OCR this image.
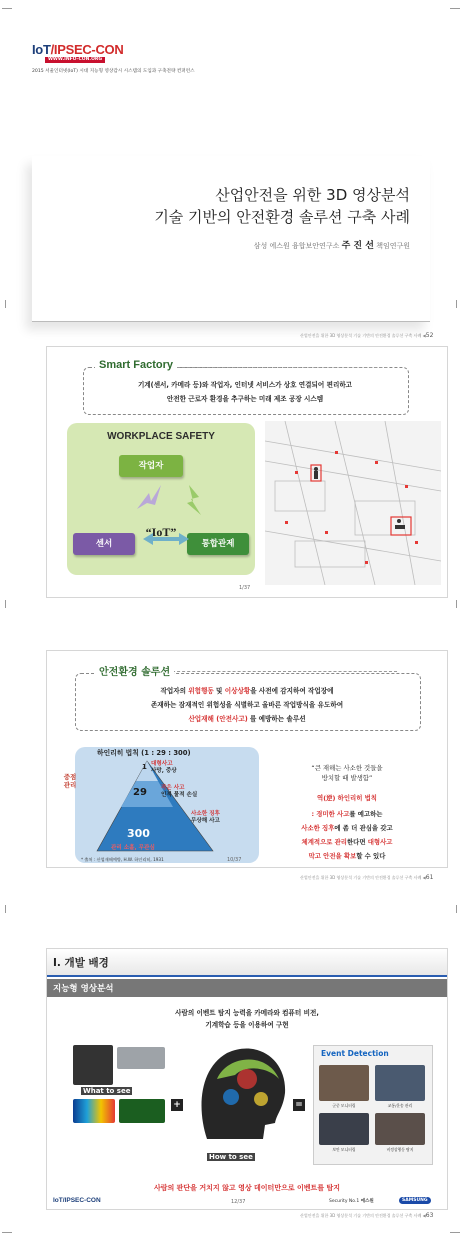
IoT/IPSEC-CON
WWW.INFO-CON.ORG
2015 서울인터넷(IoT) 시대 지능형 영상감시 시스템의 도입과 구축전략 컨퍼런스
산업안전을 위한 3D 영상분석
기술 기반의 안전환경 솔루션 구축 사례
삼성 에스원 융합보안연구소 주 진 선 책임연구원
산업안전을 위한 3D 영상분석 기술 기반의 안전환경 솔루션 구축 사례 ◀52
Smart Factory
기계(센서, 카메라 등)와 작업자, 인터넷 서비스가 상호 연결되어 편리하고
안전한 근로자 환경을 추구하는 미래 제조 공장 시스템
WORKPLACE SAFETY
작업자
센서	통합관제
“IoT”
1/37
안전환경 솔루션
작업자의 위험행동 및 이상상황을 사전에 감지하여 작업장에
존재하는 잠재적인 위험성을 식별하고 올바른 작업방식을 유도하여
산업재해 (안전사고) 를 예방하는 솔루션
하인리히 법칙 (1 : 29 : 300)
중점관리
1
29
300
대형사고
사망, 중상
작은 사고
인적 물적 손실
사소한 징후
무상해 사고
관리 소홀, 무관심
* 출처 : 산업재해예방, H.W. 하인리히, 1931
“큰 재해는 사소한 것들을
방치할 때 발생함”
역(逆) 하인리히 법칙
: 경미한 사고를 예고하는
사소한 징후에 좀 더 관심을 갖고
체계적으로 관리한다면 대형사고
막고 안전을 확보할 수 있다
10/37
산업안전을 위한 3D 영상분석 기술 기반의 안전환경 솔루션 구축 사례 ◀61
I. 개발 배경
지능형 영상분석
사람의 이벤트 탐지 능력을 카메라와 컴퓨터 비전,
기계학습 등을 이용하여 구현
What to see
+	=
How to see
Event Detection
군중 모니터링	교통/운송 관리
보안 모니터링	비정상행동 탐지
사람의 판단을 거치지 않고 영상 데이터만으로 이벤트를 탐지
IoT/IPSEC-CON	12/37	Security No.1 에스원	SAMSUNG
산업안전을 위한 3D 영상분석 기술 기반의 안전환경 솔루션 구축 사례 ◀63
